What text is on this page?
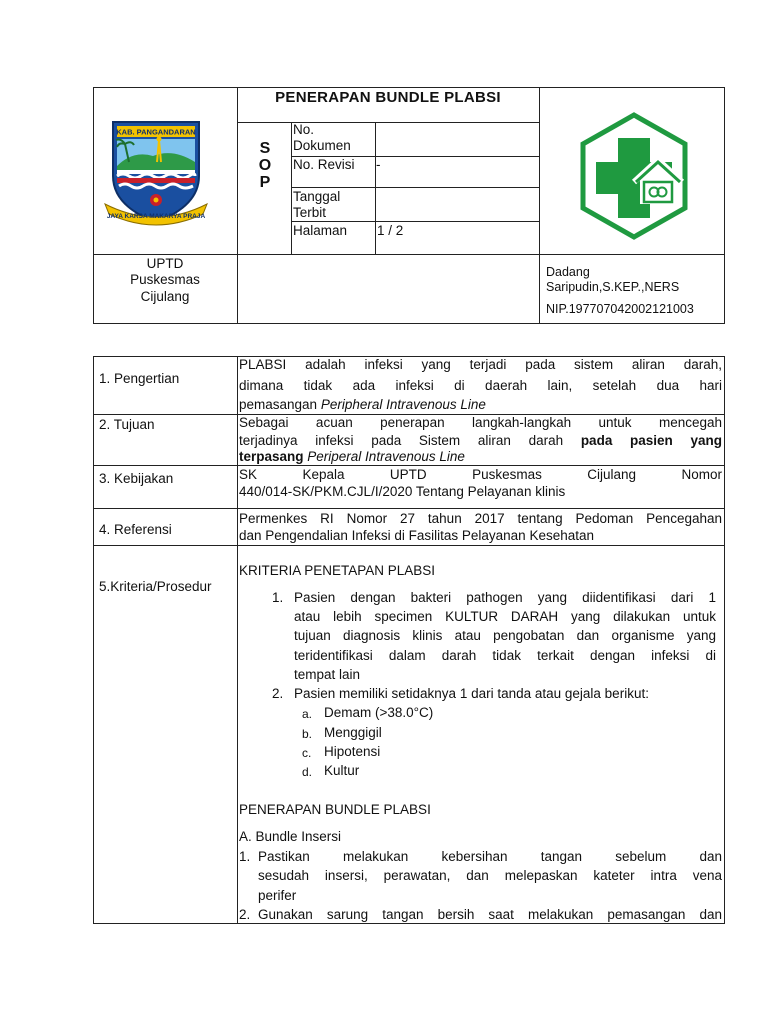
KAB. PANGANDARAN
JAYA KARSA MAKARYA PRAJA
PENERAPAN BUNDLE PLABSI
S
O
P
No.
Dokumen
No. Revisi -
Tanggal
Terbit
Halaman 1 / 2
UPTD
Puskesmas
Cijulang
Dadang
Saripudin,S.KEP.,NERS
NIP.197707042002121003
1. Pengertian
PLABSI adalah infeksi yang terjadi pada sistem aliran darah,
dimana tidak ada infeksi di daerah lain, setelah dua hari
pemasangan Peripheral Intravenous Line
2. Tujuan	Sebagai acuan penerapan langkah-langkah untuk mencegah
terjadinya infeksi pada Sistem aliran darah pada pasien yang
terpasang Periperal Intravenous Line
3. Kebijakan	SK Kepala UPTD Puskesmas Cijulang Nomor
440/014-SK/PKM.CJL/I/2020 Tentang Pelayanan klinis
4. Referensi
Permenkes RI Nomor 27 tahun 2017 tentang Pedoman Pencegahan
dan Pengendalian Infeksi di Fasilitas Pelayanan Kesehatan
5.Kriteria/Prosedur
KRITERIA PENETAPAN PLABSI
1. Pasien dengan bakteri pathogen yang diidentifikasi dari 1
atau lebih specimen KULTUR DARAH yang dilakukan untuk
tujuan diagnosis klinis atau pengobatan dan organisme yang
teridentifikasi dalam darah tidak terkait dengan infeksi di
tempat lain
2. Pasien memiliki setidaknya 1 dari tanda atau gejala berikut:
a. Demam (>38.0°C)
b. Menggigil
c. Hipotensi
d. Kultur
PENERAPAN BUNDLE PLABSI
A. Bundle Insersi
1. Pastikan melakukan kebersihan tangan sebelum dan
sesudah insersi, perawatan, dan melepaskan kateter intra vena
perifer
2. Gunakan sarung tangan bersih saat melakukan pemasangan dan
